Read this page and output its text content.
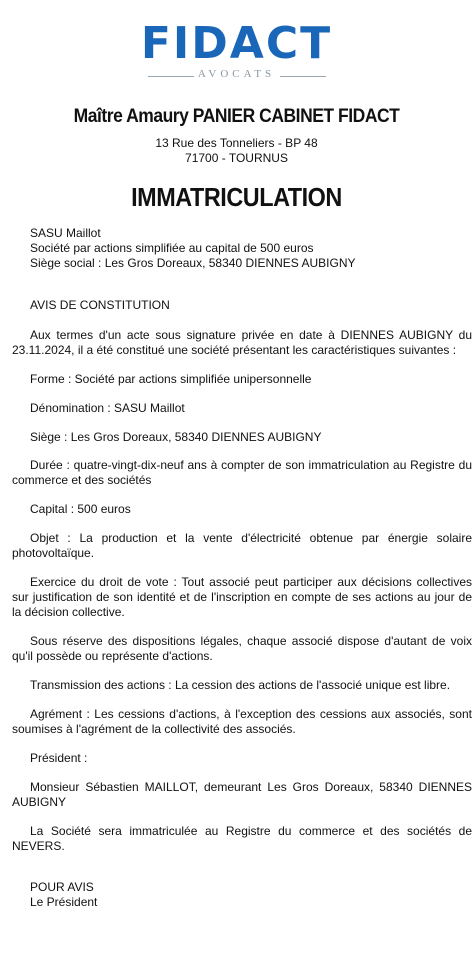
FIDACT
AVOCATS
Maître Amaury PANIER CABINET FIDACT
13 Rue des Tonneliers - BP 48
71700 - TOURNUS
IMMATRICULATION
SASU Maillot
Société par actions simplifiée au capital de 500 euros
Siège social : Les Gros Doreaux, 58340 DIENNES AUBIGNY
AVIS DE CONSTITUTION
Aux termes d'un acte sous signature privée en date à DIENNES AUBIGNY du 23.11.2024, il a été constitué une société présentant les caractéristiques suivantes :
Forme : Société par actions simplifiée unipersonnelle
Dénomination : SASU Maillot
Siège : Les Gros Doreaux, 58340 DIENNES AUBIGNY
Durée : quatre-vingt-dix-neuf ans à compter de son immatriculation au Registre du commerce et des sociétés
Capital : 500 euros
Objet : La production et la vente d'électricité obtenue par énergie solaire photovoltaïque.
Exercice du droit de vote : Tout associé peut participer aux décisions collectives sur justification de son identité et de l'inscription en compte de ses actions au jour de la décision collective.
Sous réserve des dispositions légales, chaque associé dispose d'autant de voix qu'il possède ou représente d'actions.
Transmission des actions : La cession des actions de l'associé unique est libre.
Agrément : Les cessions d'actions, à l'exception des cessions aux associés, sont soumises à l'agrément de la collectivité des associés.
Président :
Monsieur Sébastien MAILLOT, demeurant Les Gros Doreaux, 58340 DIENNES AUBIGNY
La Société sera immatriculée au Registre du commerce et des sociétés de NEVERS.
POUR AVIS
Le Président
